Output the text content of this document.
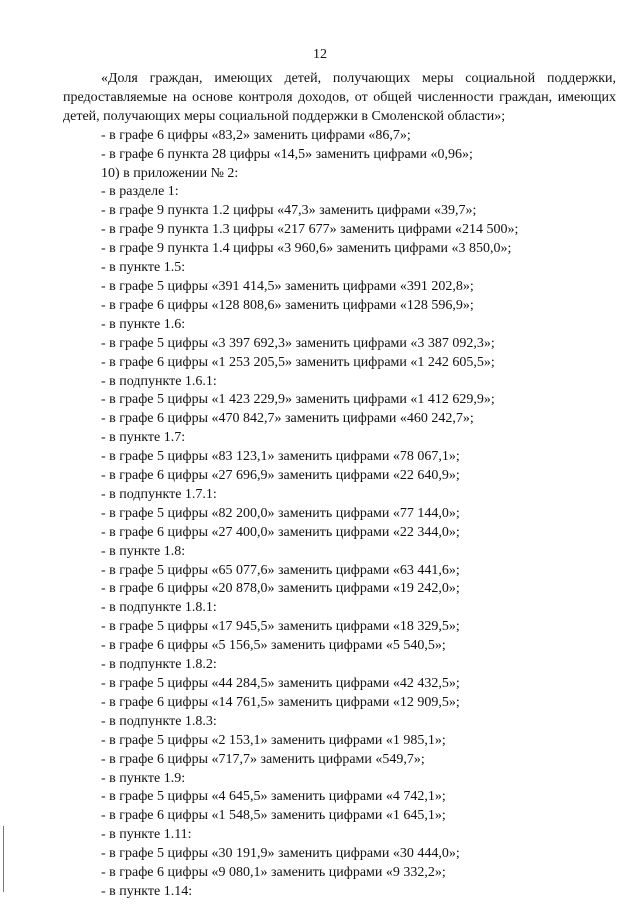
12

«Доля граждан, имеющих детей, получающих меры социальной поддержки, предоставляемые на основе контроля доходов, от общей численности граждан, имеющих детей, получающих меры социальной поддержки в Смоленской области»;

- в графе 6 цифры «83,2» заменить цифрами «86,7»;

- в графе 6 пункта 28 цифры «14,5» заменить цифрами «0,96»;

10) в приложении № 2:

- в разделе 1:

- в графе 9 пункта 1.2 цифры «47,3» заменить цифрами «39,7»;

- в графе 9 пункта 1.3 цифры «217 677» заменить цифрами «214 500»;

- в графе 9 пункта 1.4 цифры «3 960,6» заменить цифрами «3 850,0»;

- в пункте 1.5:

- в графе 5 цифры «391 414,5» заменить цифрами «391 202,8»;

- в графе 6 цифры «128 808,6» заменить цифрами «128 596,9»;

- в пункте 1.6:

- в графе 5 цифры «3 397 692,3» заменить цифрами «3 387 092,3»;

- в графе 6 цифры «1 253 205,5» заменить цифрами «1 242 605,5»;

- в подпункте 1.6.1:

- в графе 5 цифры «1 423 229,9» заменить цифрами «1 412 629,9»;

- в графе 6 цифры «470 842,7» заменить цифрами «460 242,7»;

- в пункте 1.7:

- в графе 5 цифры «83 123,1» заменить цифрами «78 067,1»;

- в графе 6 цифры «27 696,9» заменить цифрами «22 640,9»;

- в подпункте 1.7.1:

- в графе 5 цифры «82 200,0» заменить цифрами «77 144,0»;

- в графе 6 цифры «27 400,0» заменить цифрами «22 344,0»;

- в пункте 1.8:

- в графе 5 цифры «65 077,6» заменить цифрами «63 441,6»;

- в графе 6 цифры «20 878,0» заменить цифрами «19 242,0»;

- в подпункте 1.8.1:

- в графе 5 цифры «17 945,5» заменить цифрами «18 329,5»;

- в графе 6 цифры «5 156,5» заменить цифрами «5 540,5»;

- в подпункте 1.8.2:

- в графе 5 цифры «44 284,5» заменить цифрами «42 432,5»;

- в графе 6 цифры «14 761,5» заменить цифрами «12 909,5»;

- в подпункте 1.8.3:

- в графе 5 цифры «2 153,1» заменить цифрами «1 985,1»;

- в графе 6 цифры «717,7» заменить цифрами «549,7»;

- в пункте 1.9:

- в графе 5 цифры «4 645,5» заменить цифрами «4 742,1»;

- в графе 6 цифры «1 548,5» заменить цифрами «1 645,1»;

- в пункте 1.11:

- в графе 5 цифры «30 191,9» заменить цифрами «30 444,0»;

- в графе 6 цифры «9 080,1» заменить цифрами «9 332,2»;

- в пункте 1.14:
